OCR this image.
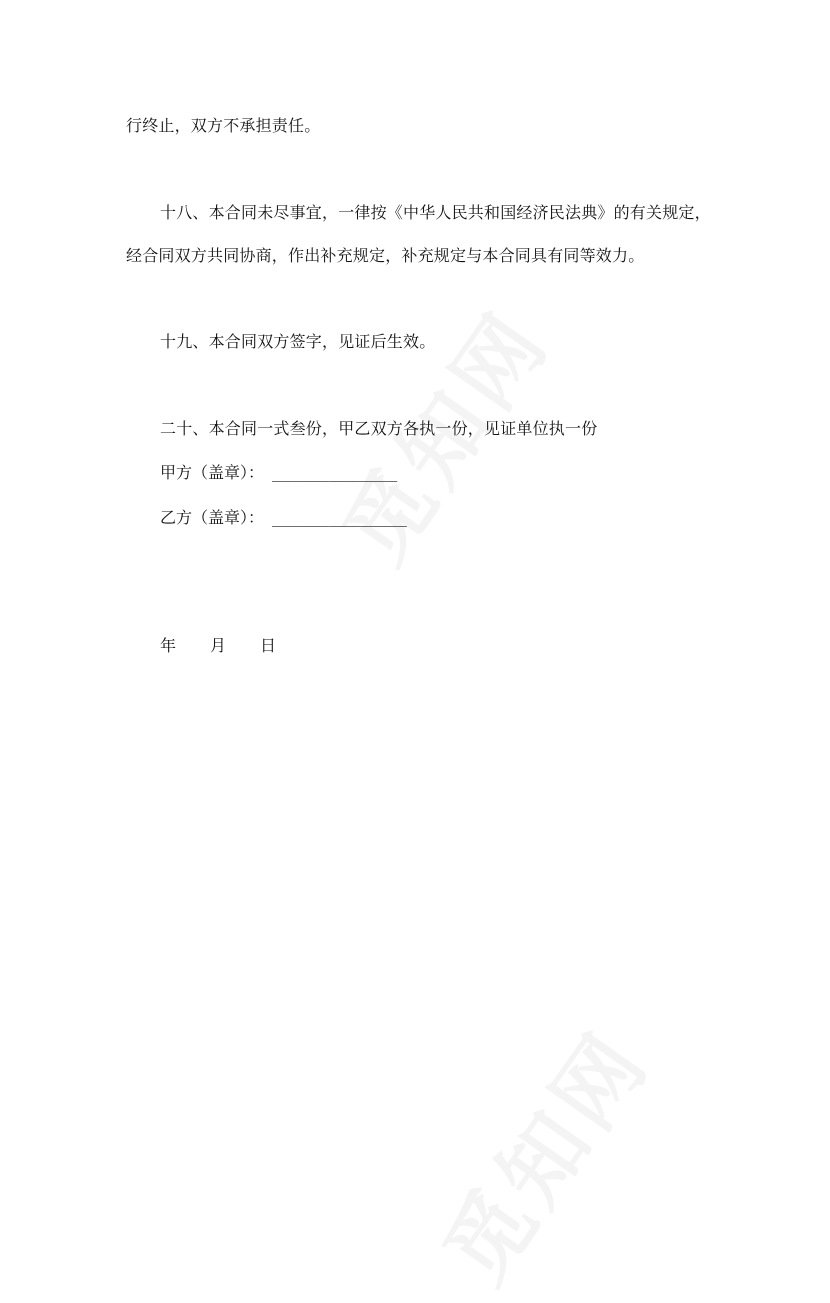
行终止，双方不承担责任。
十八、本合同未尽事宜，一律按《中华人民共和国经济民法典》的有关规定，
经合同双方共同协商，作出补充规定，补充规定与本合同具有同等效力。
十九、本合同双方签字，见证后生效。
二十、本合同一式叁份，甲乙双方各执一份，见证单位执一份
甲方（盖章）： _____________
乙方（盖章）： ______________
年 月 日
